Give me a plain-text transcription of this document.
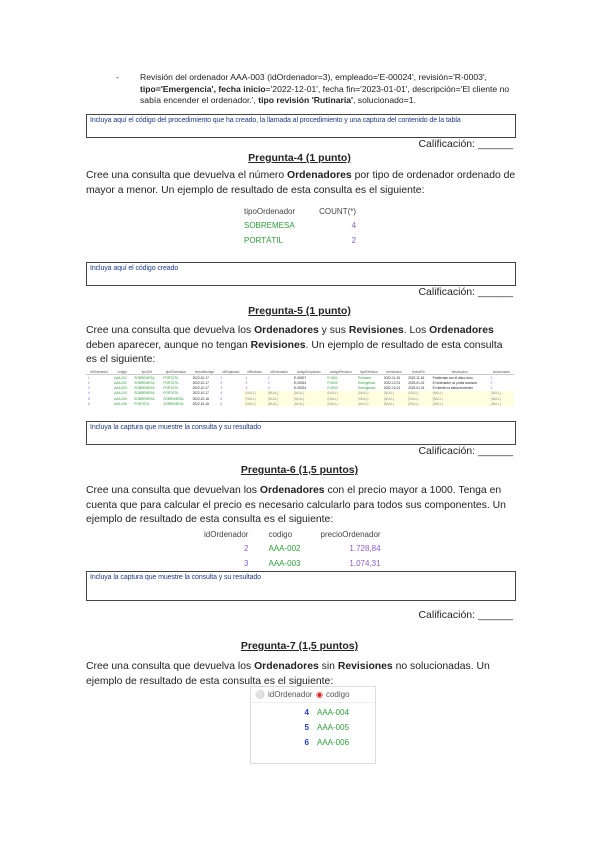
- Revisión del ordenador AAA-003 (idOrdenador=3), empleado='E-00024', revisión='R-0003', tipo='Emergencia', fecha inicio='2022-12-01', fecha fin='2023-01-01', descripción='El cliente no sabía encender el ordenador.', tipo revisión 'Rutinaria', solucionado=1.
Incluya aquí el código del procedimiento que ha creado, la llamada al procedimiento y una captura del contenido de la tabla
Calificación: ______
Pregunta-4 (1 punto)
Cree una consulta que devuelva el número Ordenadores por tipo de ordenador ordenado de mayor a menor. Un ejemplo de resultado de esta consulta es el siguiente:
tipoOrdenador	COUNT(*)
SOBREMESA	4
PORTÁTIL	2
Incluya aquí el código creado
Calificación: ______
Pregunta-5 (1 punto)
Cree una consulta que devuelva los Ordenadores y sus Revisiones. Los Ordenadores deben aparecer, aunque no tengan Revisiones. Un ejemplo de resultado de esta consulta es el siguiente:
idOrdenador	codigo	tipoOrd	tipoOrdenador	fechaMontaje	idEmpleado	idRevision	idOrdenador	codigoEmpleado	codigoRevision	tipoRevision	fechaInicio	fechaFin	descripcion	solucionado
1	AAA-001	SOBREMESA	PORTÁTIL	2022-10-17	1	1	1	E-00007	R-0001	Rutinaria	2022-11-15	2022-11-16	Problemas con el disco duro	1
2	AAA-002	SOBREMESA	PORTÁTIL	2022-10-17	2	2	2	E-00024	R-0002	Emergencia	2022-12-01	2023-01-01	El ordenador no podía arrancar	0
3	AAA-003	SOBREMESA	PORTÁTIL	2022-10-17	3	3	3	E-00024	R-0003	Emergencia	2022-12-01	2023-01-01	El cliente no sabía encender	1
4	AAA-004	SOBREMESA	PORTÁTIL	2022-10-17	4	(NULL)	(NULL)	(NULL)	(NULL)	(NULL)	(NULL)	(NULL)	(NULL)	(NULL)
5	AAA-005	SOBREMESA	SOBREMESA	2022-10-18	5	(NULL)	(NULL)	(NULL)	(NULL)	(NULL)	(NULL)	(NULL)	(NULL)	(NULL)
6	AAA-006	PORTÁTIL	SOBREMESA	2022-10-18	6	(NULL)	(NULL)	(NULL)	(NULL)	(NULL)	(NULL)	(NULL)	(NULL)	(NULL)
Incluya la captura que muestre la consulta y su resultado
Calificación: ______
Pregunta-6 (1,5 puntos)
Cree una consulta que devuelvan los Ordenadores con el precio mayor a 1000. Tenga en cuenta que para calcular el precio es necesario calcularlo para todos sus componentes. Un ejemplo de resultado de esta consulta es el siguiente:
idOrdenador	codigo	precioOrdenador
2	AAA-002	1.728,84
3	AAA-003	1.074,31
Incluya la captura que muestre la consulta y su resultado
Calificación: ______
Pregunta-7 (1,5 puntos)
Cree una consulta que devuelva los Ordenadores sin Revisiones no solucionadas. Un ejemplo de resultado de esta consulta es el siguiente:
⚪ idOrdenador ◉ codigo
4 AAA-004
5 AAA-005
6 AAA-006
